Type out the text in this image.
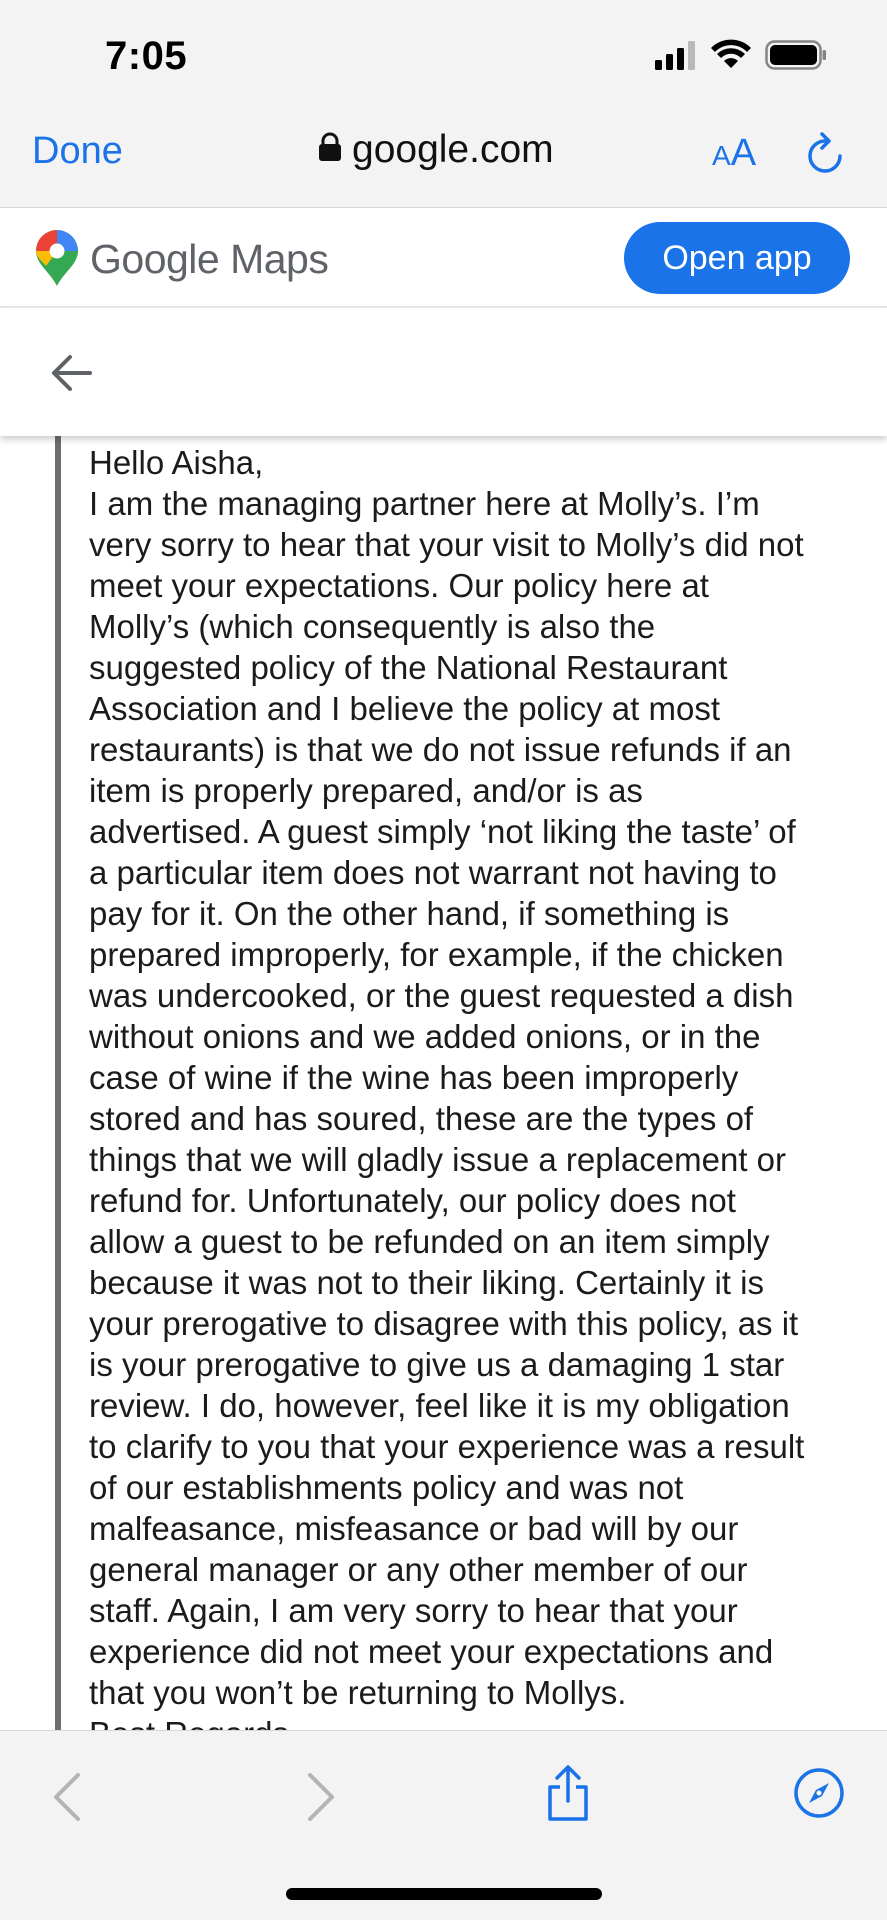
7:05
Done	google.com	AA
Google Maps	Open app
Hello Aisha,
I am the managing partner here at Molly’s. I’m
very sorry to hear that your visit to Molly’s did not
meet your expectations. Our policy here at
Molly’s (which consequently is also the
suggested policy of the National Restaurant
Association and I believe the policy at most
restaurants) is that we do not issue refunds if an
item is properly prepared, and/or is as
advertised. A guest simply ‘not liking the taste’ of
a particular item does not warrant not having to
pay for it. On the other hand, if something is
prepared improperly, for example, if the chicken
was undercooked, or the guest requested a dish
without onions and we added onions, or in the
case of wine if the wine has been improperly
stored and has soured, these are the types of
things that we will gladly issue a replacement or
refund for. Unfortunately, our policy does not
allow a guest to be refunded on an item simply
because it was not to their liking. Certainly it is
your prerogative to disagree with this policy, as it
is your prerogative to give us a damaging 1 star
review. I do, however, feel like it is my obligation
to clarify to you that your experience was a result
of our establishments policy and was not
malfeasance, misfeasance or bad will by our
general manager or any other member of our
staff. Again, I am very sorry to hear that your
experience did not meet your expectations and
that you won’t be returning to Mollys.
